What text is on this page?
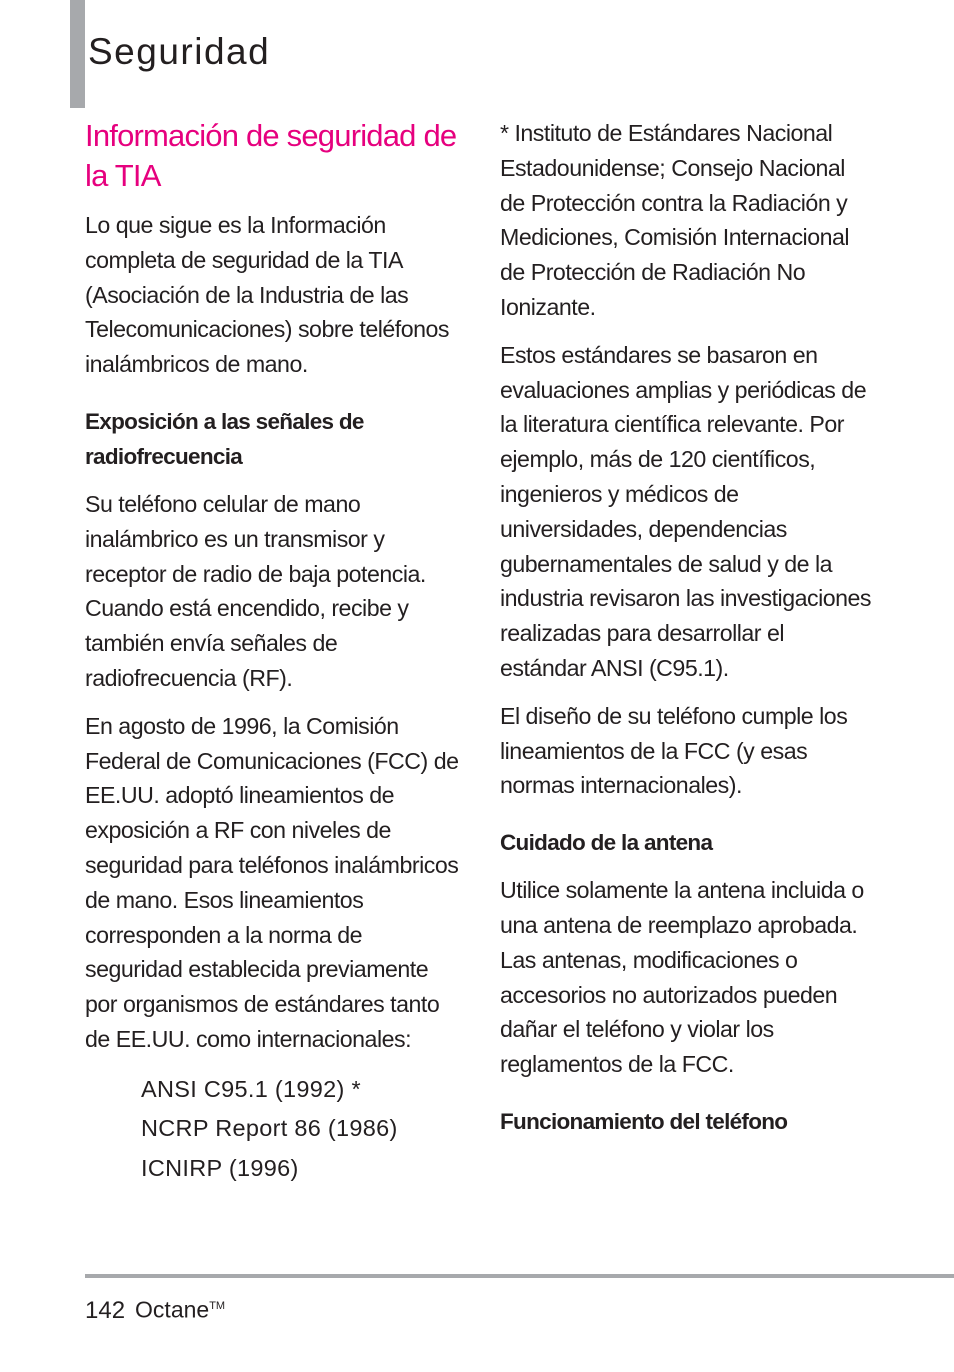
Seguridad
Información de seguridad de la TIA

Lo que sigue es la Información completa de seguridad de la TIA (Asociación de la Industria de las Telecomunicaciones) sobre teléfonos inalámbricos de mano.

Exposición a las señales de radiofrecuencia

Su teléfono celular de mano inalámbrico es un transmisor y receptor de radio de baja potencia. Cuando está encendido, recibe y también envía señales de radiofrecuencia (RF).

En agosto de 1996, la Comisión Federal de Comunicaciones (FCC) de EE.UU. adoptó lineamientos de exposición a RF con niveles de seguridad para teléfonos inalámbricos de mano. Esos lineamientos corresponden a la norma de seguridad establecida previamente por organismos de estándares tanto de EE.UU. como internacionales:

ANSI C95.1 (1992) *
NCRP Report 86 (1986)
ICNIRP (1996)

* Instituto de Estándares Nacional Estadounidense; Consejo Nacional de Protección contra la Radiación y Mediciones, Comisión Internacional de Protección de Radiación No Ionizante.

Estos estándares se basaron en evaluaciones amplias y periódicas de la literatura científica relevante. Por ejemplo, más de 120 científicos, ingenieros y médicos de universidades, dependencias gubernamentales de salud y de la industria revisaron las investigaciones realizadas para desarrollar el estándar ANSI (C95.1).

El diseño de su teléfono cumple los lineamientos de la FCC (y esas normas internacionales).

Cuidado de la antena

Utilice solamente la antena incluida o una antena de reemplazo aprobada. Las antenas, modificaciones o accesorios no autorizados pueden dañar el teléfono y violar los reglamentos de la FCC.

Funcionamiento del teléfono
142 Octane™
